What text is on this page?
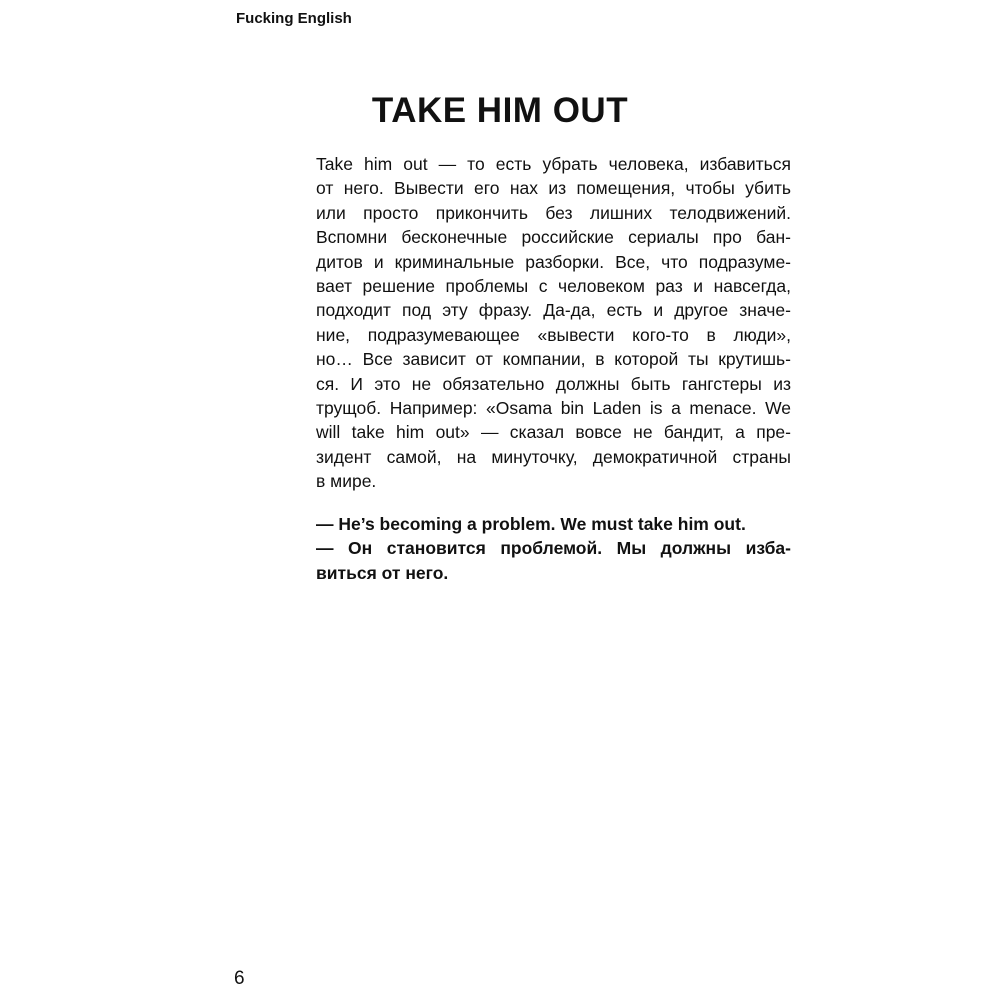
Fucking English
TAKE HIM OUT
Take him out — то есть убрать человека, избавиться
от него. Вывести его нах из помещения, чтобы убить
или просто прикончить без лишних телодвижений.
Вспомни бесконечные российские сериалы про бан-
дитов и криминальные разборки. Все, что подразуме-
вает решение проблемы с человеком раз и навсегда,
подходит под эту фразу. Да-да, есть и другое значе-
ние, подразумевающее «вывести кого-то в люди»,
но… Все зависит от компании, в которой ты крутишь-
ся. И это не обязательно должны быть гангстеры из
трущоб. Например: «Osama bin Laden is a menace. We
will take him out» — сказал вовсе не бандит, а пре-
зидент самой, на минуточку, демократичной страны
в мире.
— He’s becoming a problem. We must take him out.
— Он становится проблемой. Мы должны изба-
виться от него.
6
